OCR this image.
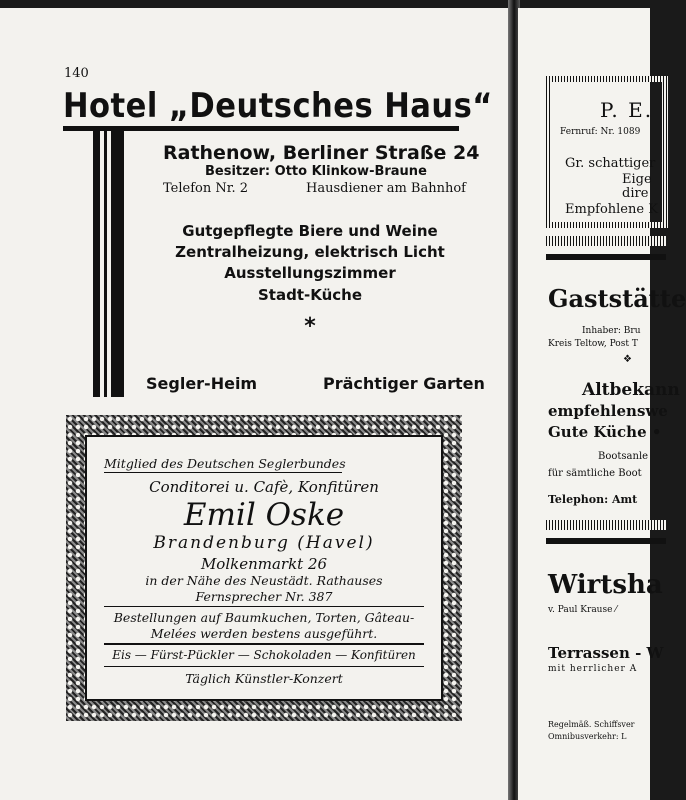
P. E.
Fernruf: Nr. 1089
Gr. schattiger
Eige
dire
Empfohlene K
Gaststätte
Inhaber: Bru
Kreis Teltow, Post T
❖
Altbekann
empfehlenswe
Gute Küche •
Bootsanle
für sämtliche Boot
Telephon: Amt
Wirtsha
v. Paul Krause ⁄
Terrassen - W
mit herrlicher A
Regelmäß. Schiffsver
Omnibusverkehr: L
140
Hotel „Deutsches Haus“
Rathenow, Berliner Straße 24
Besitzer: Otto Klinkow-Braune
Telefon Nr. 2	Hausdiener am Bahnhof
Gutgepflegte Biere und Weine
Zentralheizung, elektrisch Licht
Ausstellungszimmer
Stadt-Küche
*
Segler-Heim	Prächtiger Garten
Mitglied des Deutschen Seglerbundes
Conditorei u. Cafè, Konfitüren
Emil Oske
Brandenburg (Havel)
Molkenmarkt 26
in der Nähe des Neustädt. Rathauses
Fernsprecher Nr. 387
Bestellungen auf Baumkuchen, Torten, Gâteau-
Melées werden bestens ausgeführt.
Eis — Fürst-Pückler — Schokoladen — Konfitüren
Täglich Künstler-Konzert
